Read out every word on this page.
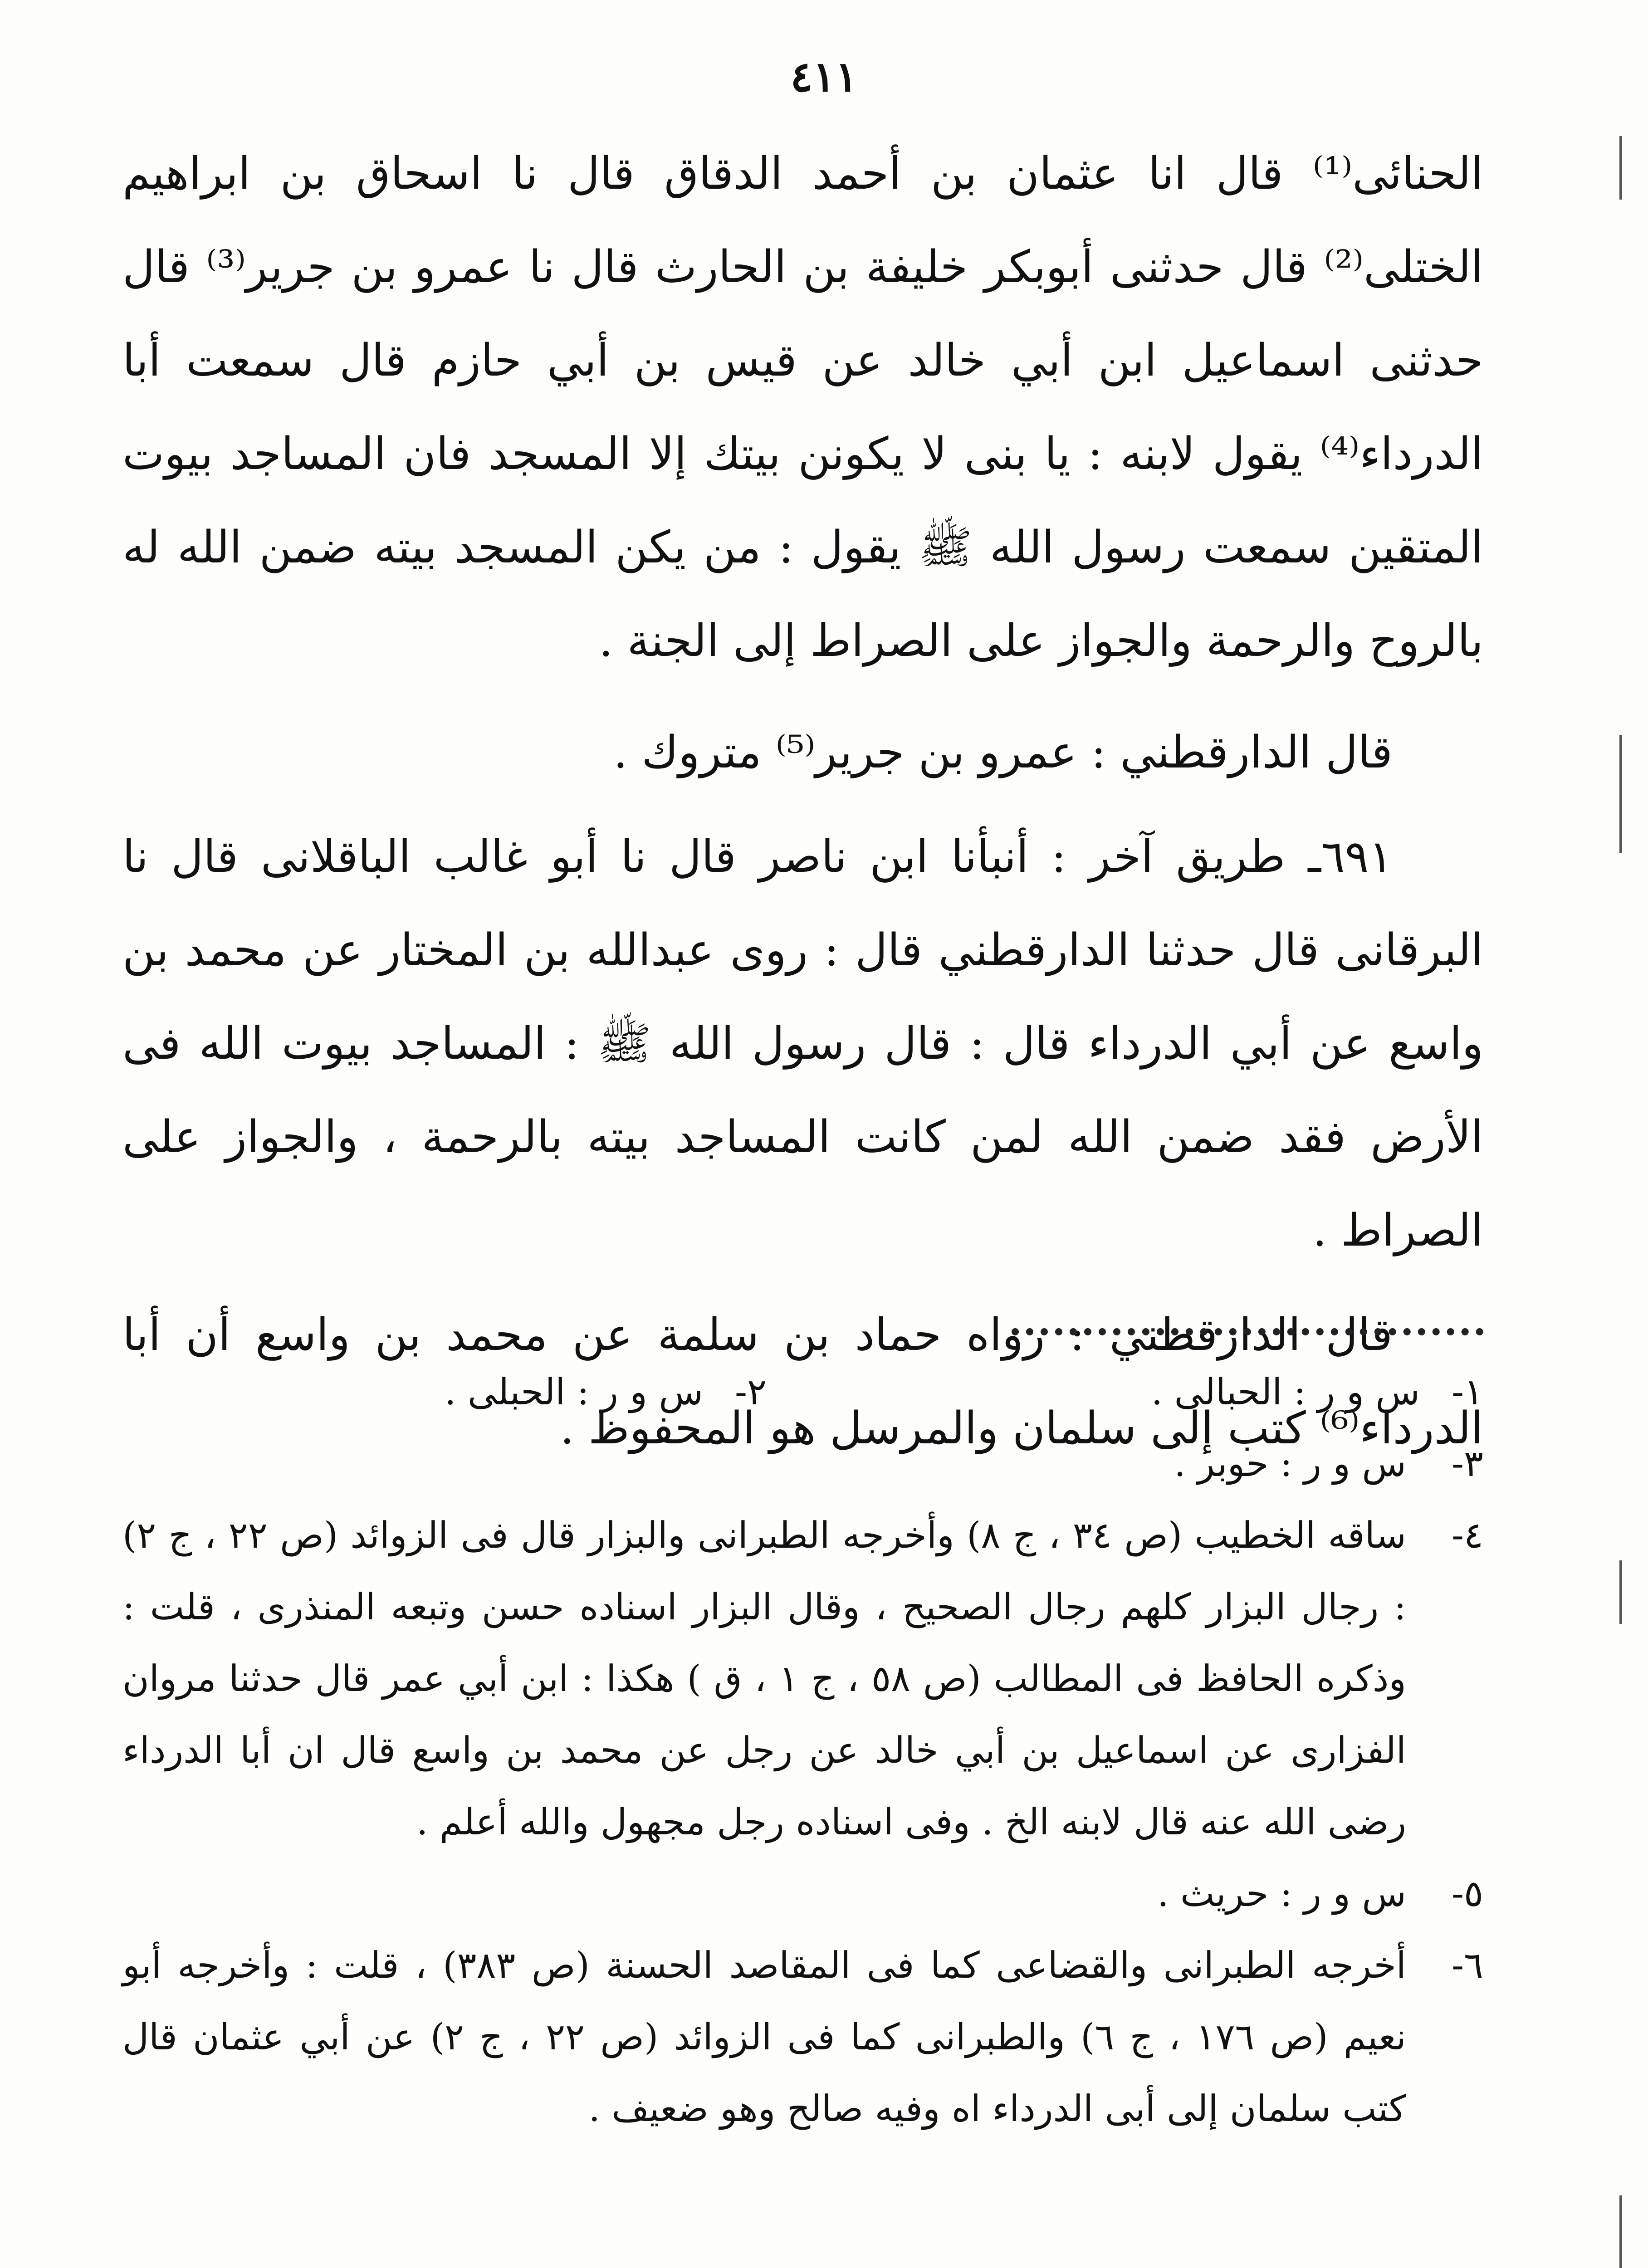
٤١١

الحنائى⁽¹⁾ قال انا عثمان بن أحمد الدقاق قال نا اسحاق بن ابراهيم الختلى⁽²⁾ قال حدثنى أبوبكر خليفة بن الحارث قال نا عمرو بن جرير⁽³⁾ قال حدثنى اسماعيل ابن أبي خالد عن قيس بن أبي حازم قال سمعت أبا الدرداء⁽⁴⁾ يقول لابنه : يا بنى لا يكونن بيتك إلا المسجد فان المساجد بيوت المتقين سمعت رسول الله ﷺ يقول : من يكن المسجد بيته ضمن الله له بالروح والرحمة والجواز على الصراط إلى الجنة .

قال الدارقطني : عمرو بن جرير⁽⁵⁾ متروك .

٦٩١ـ طريق آخر : أنبأنا ابن ناصر قال نا أبو غالب الباقلانى قال نا البرقانى قال حدثنا الدارقطني قال : روى عبدالله بن المختار عن محمد بن واسع عن أبي الدرداء قال : قال رسول الله ﷺ : المساجد بيوت الله فى الأرض فقد ضمن الله لمن كانت المساجد بيته بالرحمة ، والجواز على الصراط .

قال الدارقطني : رواه حماد بن سلمة عن محمد بن واسع أن أبا الدرداء⁽⁶⁾ كتب إلى سلمان والمرسل هو المحفوظ .

١-س و ر : الحبالى .
٢-س و ر : الحبلى .
٣-
س و ر : حوبر .
٤-
ساقه الخطيب (ص ٣٤ ، ج ٨) وأخرجه الطبرانى والبزار قال فى الزوائد (ص ٢٢ ، ج ٢) : رجال البزار كلهم رجال الصحيح ، وقال البزار اسناده حسن وتبعه المنذرى ، قلت : وذكره الحافظ فى المطالب (ص ٥٨ ، ج ١ ، ق ) هكذا : ابن أبي عمر قال حدثنا مروان الفزارى عن اسماعيل بن أبي خالد عن رجل عن محمد بن واسع قال ان أبا الدرداء رضى الله عنه قال لابنه الخ . وفى اسناده رجل مجهول والله أعلم .
٥-
س و ر : حريث .
٦-
أخرجه الطبرانى والقضاعى كما فى المقاصد الحسنة (ص ٣٨٣) ، قلت : وأخرجه أبو نعيم (ص ١٧٦ ، ج ٦) والطبرانى كما فى الزوائد (ص ٢٢ ، ج ٢) عن أبي عثمان قال كتب سلمان إلى أبى الدرداء اه وفيه صالح وهو ضعيف .
